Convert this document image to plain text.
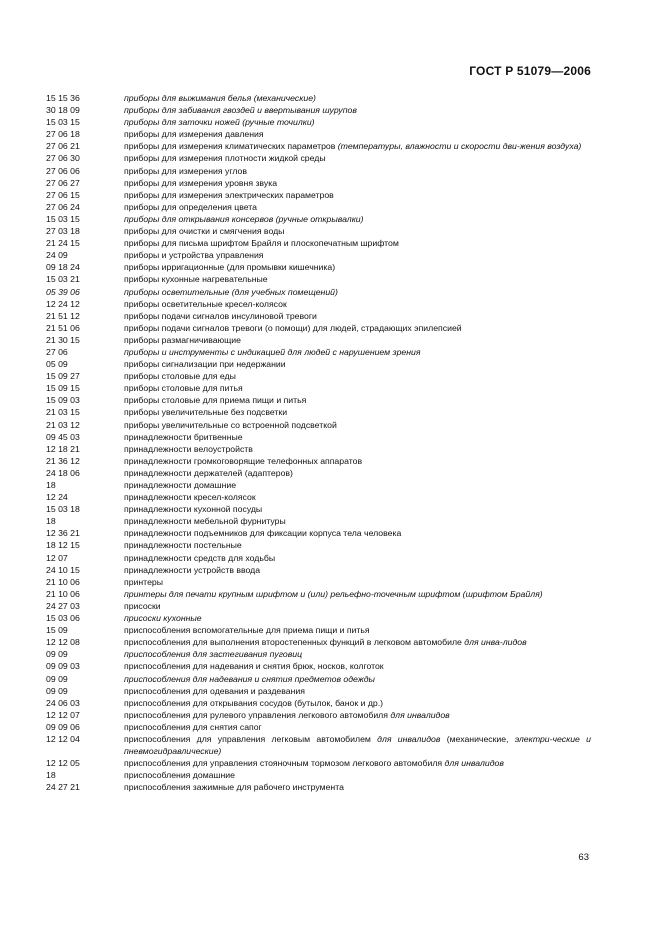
ГОСТ Р 51079—2006
15 15 36	приборы для выжимания белья (механические)
30 18 09	приборы для забивания гвоздей и ввертывания шурупов
15 03 15	приборы для заточки ножей (ручные точилки)
27 06 18	приборы для измерения давления
27 06 21	приборы для измерения климатических параметров (температуры, влажности и скорости дви-жения воздуха)
27 06 30	приборы для измерения плотности жидкой среды
27 06 06	приборы для измерения углов
27 06 27	приборы для измерения уровня звука
27 06 15	приборы для измерения электрических параметров
27 06 24	приборы для определения цвета
15 03 15	приборы для открывания консервов (ручные открывалки)
27 03 18	приборы для очистки и смягчения воды
21 24 15	приборы для письма шрифтом Брайля и плоскопечатным шрифтом
24 09	приборы и устройства управления
09 18 24	приборы ирригационные (для промывки кишечника)
15 03 21	приборы кухонные нагревательные
05 39 06	приборы осветительные (для учебных помещений)
12 24 12	приборы осветительные кресел-колясок
21 51 12	приборы подачи сигналов инсулиновой тревоги
21 51 06	приборы подачи сигналов тревоги (о помощи) для людей, страдающих эпилепсией
21 30 15	приборы размагничивающие
27 06	приборы и инструменты с индикацией для людей с нарушением зрения
05 09	приборы сигнализации при недержании
15 09 27	приборы столовые для еды
15 09 15	приборы столовые для питья
15 09 03	приборы столовые для приема пищи и питья
21 03 15	приборы увеличительные без подсветки
21 03 12	приборы увеличительные со встроенной подсветкой
09 45 03	принадлежности бритвенные
12 18 21	принадлежности велоустройств
21 36 12	принадлежности громкоговорящие телефонных аппаратов
24 18 06	принадлежности держателей (адаптеров)
18	принадлежности домашние
12 24	принадлежности кресел-колясок
15 03 18	принадлежности кухонной посуды
18	принадлежности мебельной фурнитуры
12 36 21	принадлежности подъемников для фиксации корпуса тела человека
18 12 15	принадлежности постельные
12 07	принадлежности средств для ходьбы
24 10 15	принадлежности устройств ввода
21 10 06	принтеры
21 10 06	принтеры для печати крупным шрифтом и (или) рельефно-точечным шрифтом (шрифтом Брайля)
24 27 03	присоски
15 03 06	присоски кухонные
15 09	приспособления вспомогательные для приема пищи и питья
12 12 08	приспособления для выполнения второстепенных функций в легковом автомобиле для инва-лидов
09 09	приспособления для застегивания пуговиц
09 09 03	приспособления для надевания и снятия брюк, носков, колготок
09 09	приспособления для надевания и снятия предметов одежды
09 09	приспособления для одевания и раздевания
24 06 03	приспособления для открывания сосудов (бутылок, банок и др.)
12 12 07	приспособления для рулевого управления легкового автомобиля для инвалидов
09 09 06	приспособления для снятия сапог
12 12 04	приспособления для управления легковым автомобилем для инвалидов (механические, электри-ческие и пневмогидравлические)
12 12 05	приспособления для управления стояночным тормозом легкового автомобиля для инвалидов
18	приспособления домашние
24 27 21	приспособления зажимные для рабочего инструмента
63
